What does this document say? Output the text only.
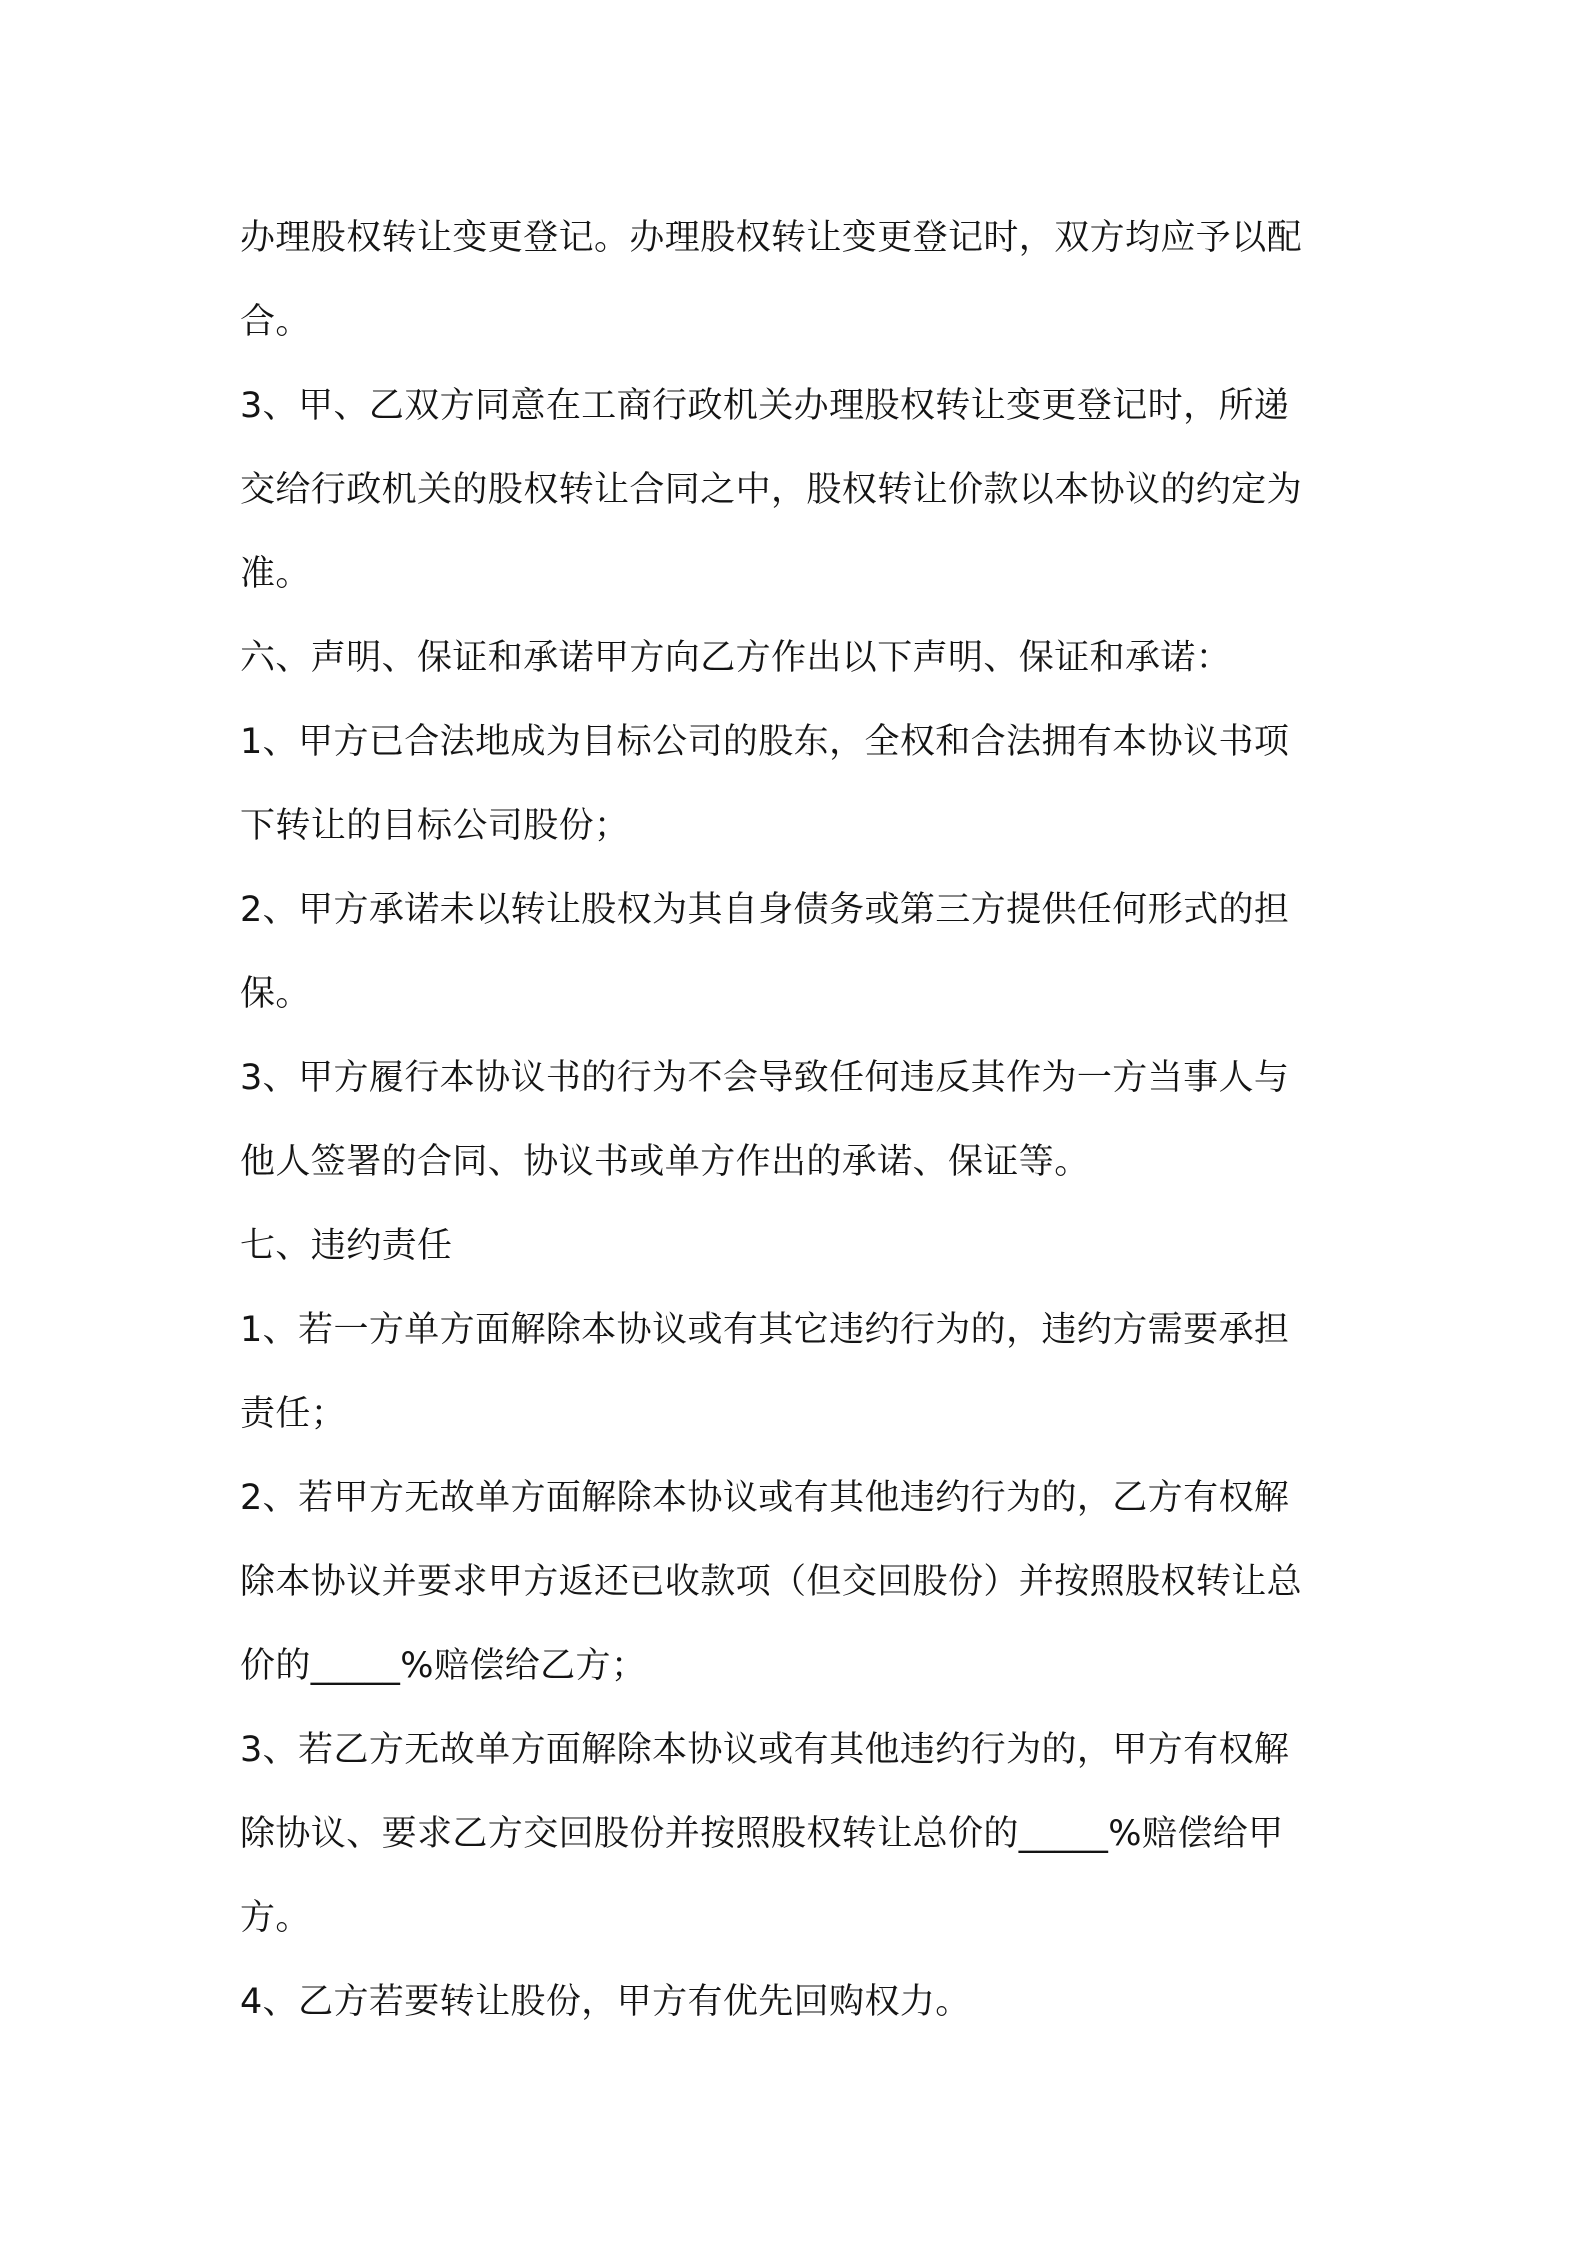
办理股权转让变更登记。办理股权转让变更登记时，双方均应予以配
合。
3、甲、乙双方同意在工商行政机关办理股权转让变更登记时，所递
交给行政机关的股权转让合同之中，股权转让价款以本协议的约定为
准。
六、声明、保证和承诺甲方向乙方作出以下声明、保证和承诺：
1、甲方已合法地成为目标公司的股东，全权和合法拥有本协议书项
下转让的目标公司股份；
2、甲方承诺未以转让股权为其自身债务或第三方提供任何形式的担
保。
3、甲方履行本协议书的行为不会导致任何违反其作为一方当事人与
他人签署的合同、协议书或单方作出的承诺、保证等。
七、违约责任
1、若一方单方面解除本协议或有其它违约行为的，违约方需要承担
责任；
2、若甲方无故单方面解除本协议或有其他违约行为的，乙方有权解
除本协议并要求甲方返还已收款项（但交回股份）并按照股权转让总
价的_____%赔偿给乙方；
3、若乙方无故单方面解除本协议或有其他违约行为的，甲方有权解
除协议、要求乙方交回股份并按照股权转让总价的_____%赔偿给甲
方。
4、乙方若要转让股份，甲方有优先回购权力。
